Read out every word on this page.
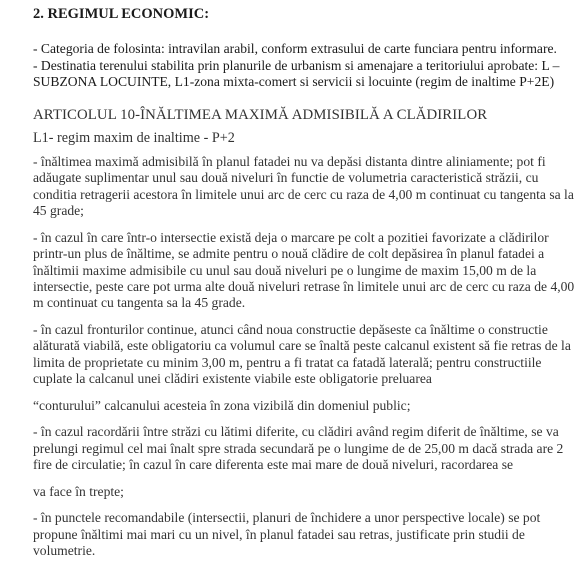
2. REGIMUL ECONOMIC:
- Categoria de folosinta: intravilan arabil, conform extrasului de carte funciara pentru informare.
- Destinatia terenului stabilita prin planurile de urbanism si amenajare a teritoriului aprobate: L –
SUBZONA LOCUINTE, L1-zona mixta-comert si servicii si locuinte (regim de inaltime P+2E)
ARTICOLUL 10-ÎNĂLTIMEA MAXIMĂ ADMISIBILĂ A CLĂDIRILOR
L1- regim maxim de inaltime - P+2
- înăltimea maximă admisibilă în planul fatadei nu va depăsi distanta dintre aliniamente; pot fi
adăugate suplimentar unul sau două niveluri în functie de volumetria caracteristică străzii, cu
conditia retragerii acestora în limitele unui arc de cerc cu raza de 4,00 m continuat cu tangenta sa la
45 grade;
- în cazul în care într-o intersectie există deja o marcare pe colt a pozitiei favorizate a clădirilor
printr-un plus de înăltime, se admite pentru o nouă clădire de colt depăsirea în planul fatadei a
înăltimii maxime admisibile cu unul sau două niveluri pe o lungime de maxim 15,00 m de la
intersectie, peste care pot urma alte două niveluri retrase în limitele unui arc de cerc cu raza de 4,00
m continuat cu tangenta sa la 45 grade.
- în cazul fronturilor continue, atunci când noua constructie depăseste ca înăltime o constructie
alăturată viabilă, este obligatoriu ca volumul care se înaltă peste calcanul existent să fie retras de la
limita de proprietate cu minim 3,00 m, pentru a fi tratat ca fatadă laterală; pentru constructiile
cuplate la calcanul unei clădiri existente viabile este obligatorie preluarea
“conturului” calcanului acesteia în zona vizibilă din domeniul public;
- în cazul racordării între străzi cu lătimi diferite, cu clădiri având regim diferit de înăltime, se va
prelungi regimul cel mai înalt spre strada secundară pe o lungime de de 25,00 m dacă strada are 2
fire de circulatie; în cazul în care diferenta este mai mare de două niveluri, racordarea se
va face în trepte;
- în punctele recomandabile (intersectii, planuri de închidere a unor perspective locale) se pot
propune înăltimi mai mari cu un nivel, în planul fatadei sau retras, justificate prin studii de
volumetrie.
